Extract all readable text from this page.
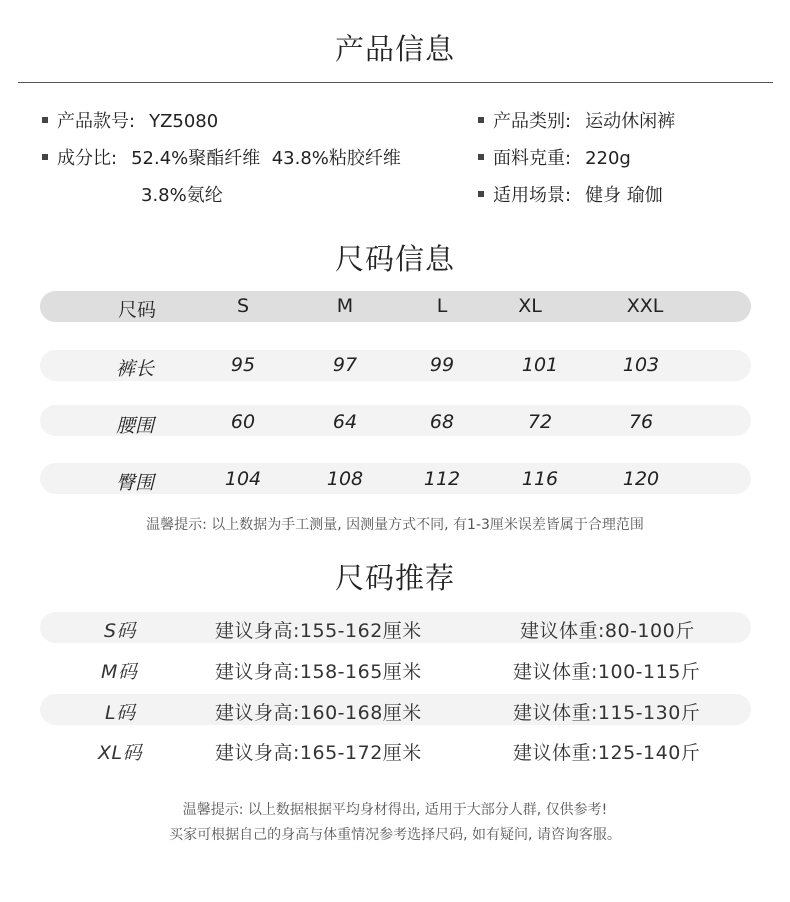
产品信息
产品款号: YZ5080
成分比: 52.4%聚酯纤维  43.8%粘胶纤维
3.8%氨纶
产品类别: 运动休闲裤
面料克重: 220g
适用场景: 健身 瑜伽
尺码信息
尺码	S	M	L	XL	XXL
裤长	95	97	99	101	103
腰围	60	64	68	72	76
臀围	104	108	112	116	120
温馨提示: 以上数据为手工测量, 因测量方式不同, 有1-3厘米误差皆属于合理范围
尺码推荐
S码	建议身高:155-162厘米	建议体重:80-100斤
M码	建议身高:158-165厘米	建议体重:100-115斤
L码	建议身高:160-168厘米	建议体重:115-130斤
XL码	建议身高:165-172厘米	建议体重:125-140斤
温馨提示: 以上数据根据平均身材得出, 适用于大部分人群, 仅供参考!
买家可根据自己的身高与体重情况参考选择尺码, 如有疑问, 请咨询客服。
